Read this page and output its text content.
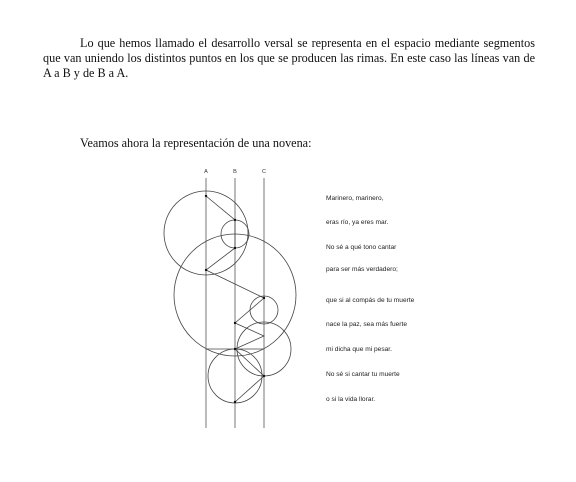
Lo que hemos llamado el desarrollo versal se representa en el espacio mediante segmentos que van uniendo los distintos puntos en los que se producen las rimas. En este caso las líneas van de A a B y de B a A.

Veamos ahora la representación de una novena:

A	B	C
Marinero, marinero,
eras río, ya eres mar.
No sé a qué tono cantar
para ser más verdadero;
que si al compás de tu muerte
nace la paz, sea más fuerte
mi dicha que mi pesar.
No sé si cantar tu muerte
o si la vida llorar.
